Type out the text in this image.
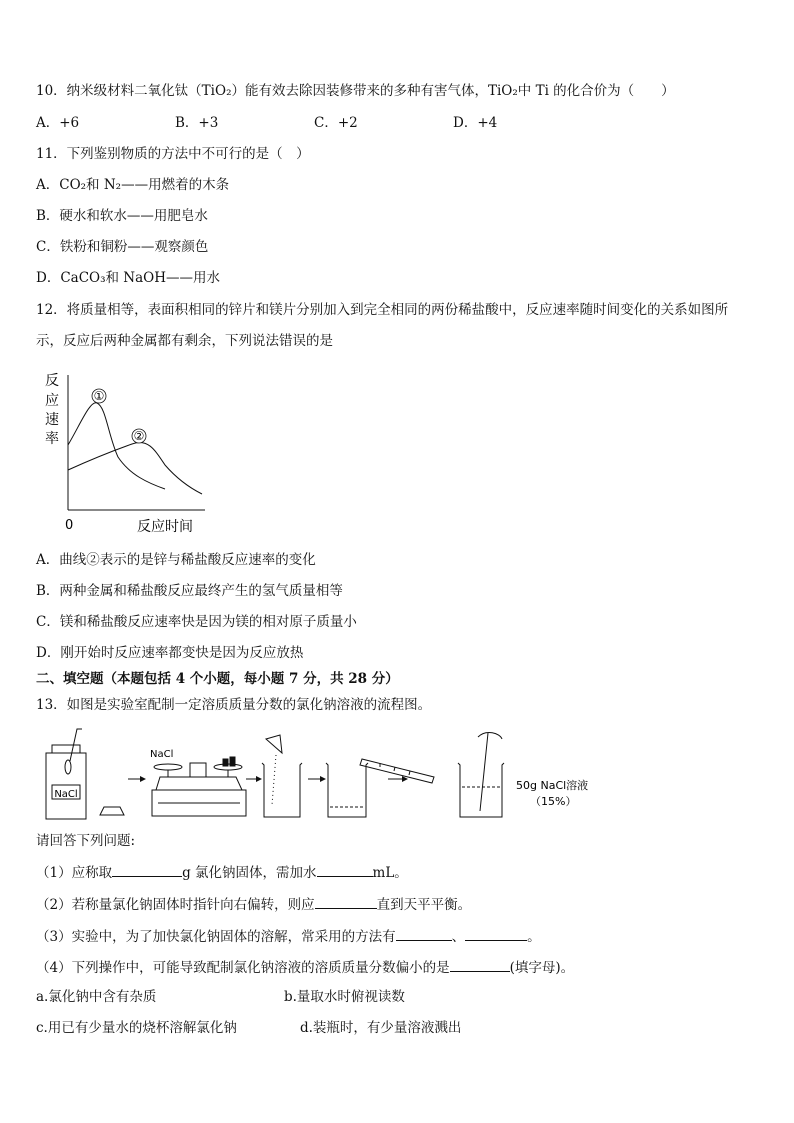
10．纳米级材料二氧化钛（TiO₂）能有效去除因装修带来的多种有害气体，TiO₂中 Ti 的化合价为（　　）
A．+6	B．+3	C．+2	D．+4
11．下列鉴别物质的方法中不可行的是（　）
A．CO₂和 N₂——用燃着的木条
B．硬水和软水——用肥皂水
C．铁粉和铜粉——观察颜色
D．CaCO₃和 NaOH——用水
12．将质量相等，表面积相同的锌片和镁片分别加入到完全相同的两份稀盐酸中，反应速率随时间变化的关系如图所
示，反应后两种金属都有剩余，下列说法错误的是
反
应
速
率
0	反应时间
①
②
A．曲线②表示的是锌与稀盐酸反应速率的变化
B．两种金属和稀盐酸反应最终产生的氢气质量相等
C．镁和稀盐酸反应速率快是因为镁的相对原子质量小
D．刚开始时反应速率都变快是因为反应放热
二、填空题（本题包括 4 个小题，每小题 7 分，共 28 分）
13．如图是实验室配制一定溶质质量分数的氯化钠溶液的流程图。
NaCl
NaCl
50g NaCl溶液
（15%）
请回答下列问题:
（1）应称取	g 氯化钠固体，需加水	mL。
（2）若称量氯化钠固体时指针向右偏转，则应	直到天平平衡。
（3）实验中，为了加快氯化钠固体的溶解，常采用的方法有	、	。
（4）下列操作中，可能导致配制氯化钠溶液的溶质质量分数偏小的是	(填字母)。
a.氯化钠中含有杂质	b.量取水时俯视读数
c.用已有少量水的烧杯溶解氯化钠	d.装瓶时，有少量溶液溅出
